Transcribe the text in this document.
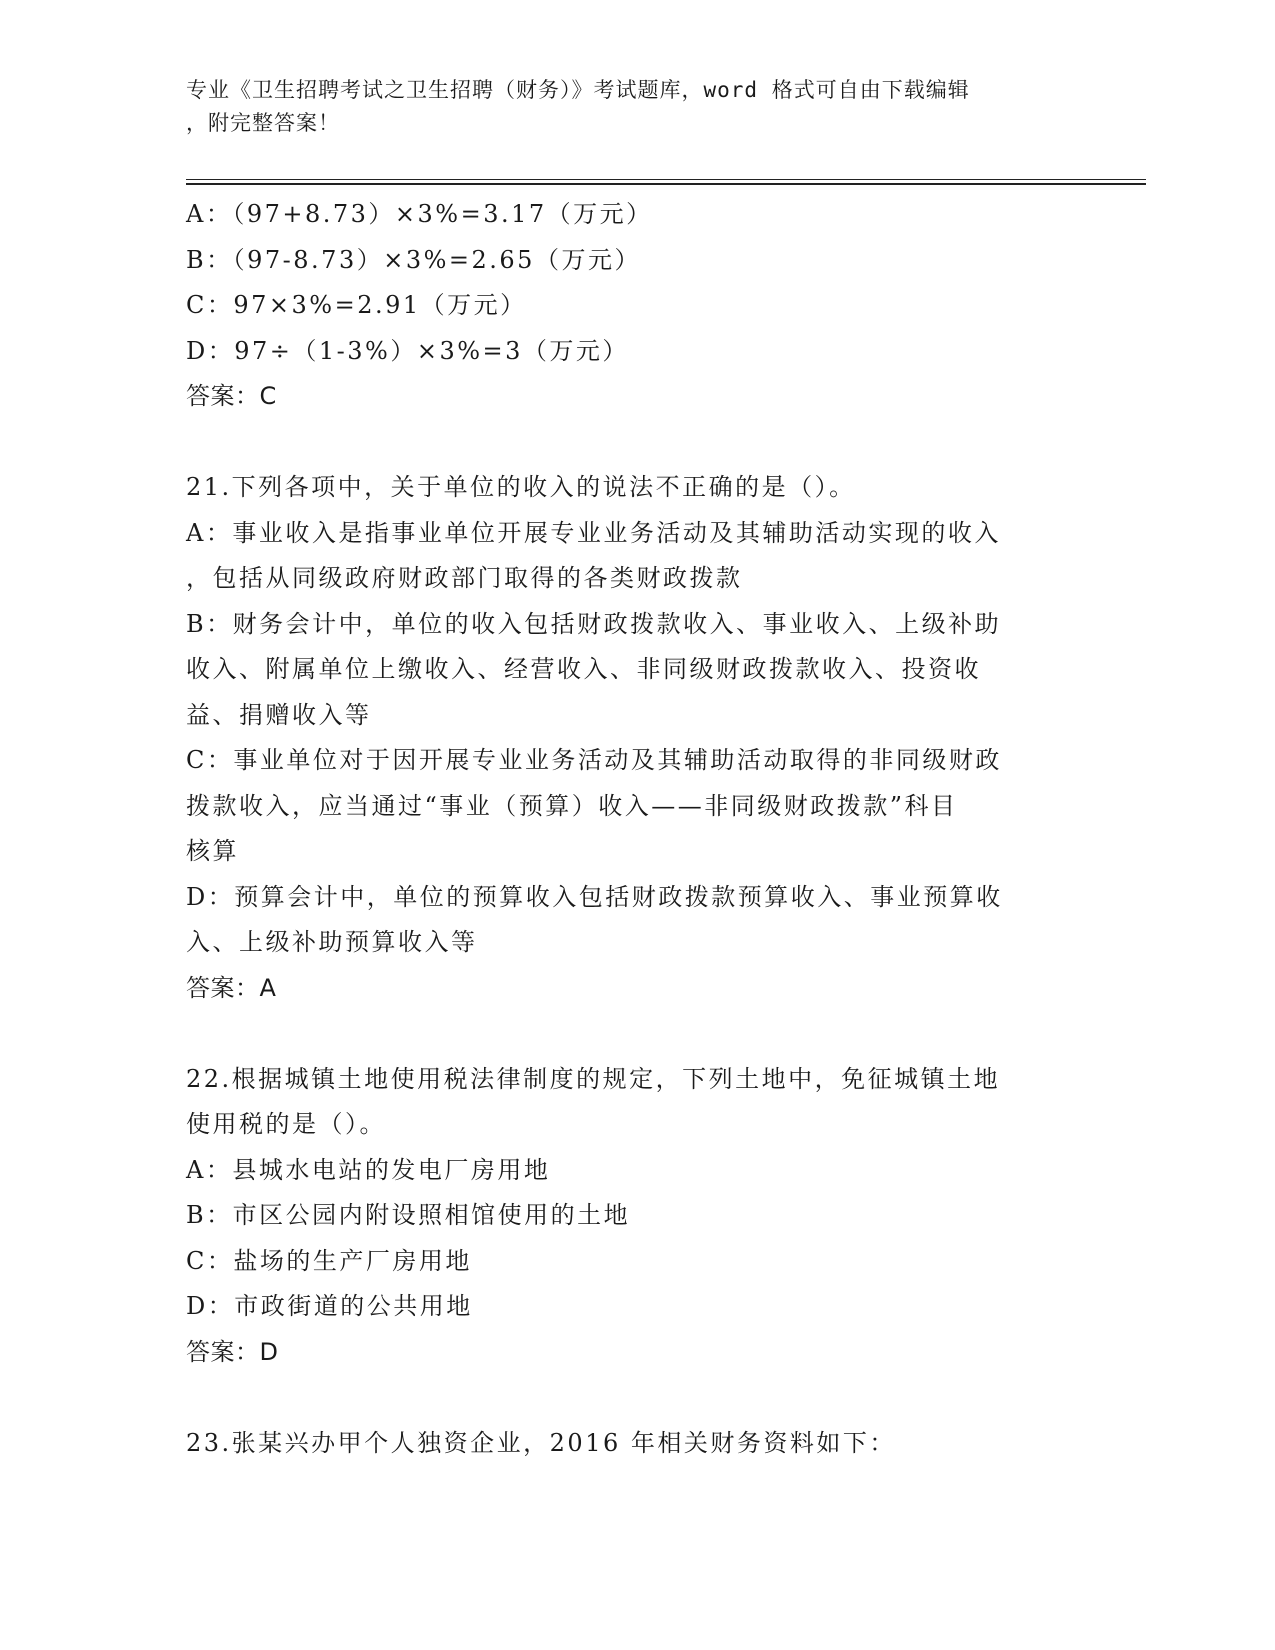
专业《卫生招聘考试之卫生招聘（财务）》考试题库，word 格式可自由下载编辑
，附完整答案！
A：（97+8.73）×3%=3.17（万元）
B：（97-8.73）×3%=2.65（万元）
C：97×3%=2.91（万元）
D：97÷（1-3%）×3%=3（万元）
答案：C
21.下列各项中，关于单位的收入的说法不正确的是（）。
A：事业收入是指事业单位开展专业业务活动及其辅助活动实现的收入
，包括从同级政府财政部门取得的各类财政拨款
B：财务会计中，单位的收入包括财政拨款收入、事业收入、上级补助
收入、附属单位上缴收入、经营收入、非同级财政拨款收入、投资收
益、捐赠收入等
C：事业单位对于因开展专业业务活动及其辅助活动取得的非同级财政
拨款收入，应当通过“事业（预算）收入——非同级财政拨款”科目
核算
D：预算会计中，单位的预算收入包括财政拨款预算收入、事业预算收
入、上级补助预算收入等
答案：A
22.根据城镇土地使用税法律制度的规定，下列土地中，免征城镇土地
使用税的是（）。
A：县城水电站的发电厂房用地
B：市区公园内附设照相馆使用的土地
C：盐场的生产厂房用地
D：市政街道的公共用地
答案：D
23.张某兴办甲个人独资企业，2016 年相关财务资料如下：
